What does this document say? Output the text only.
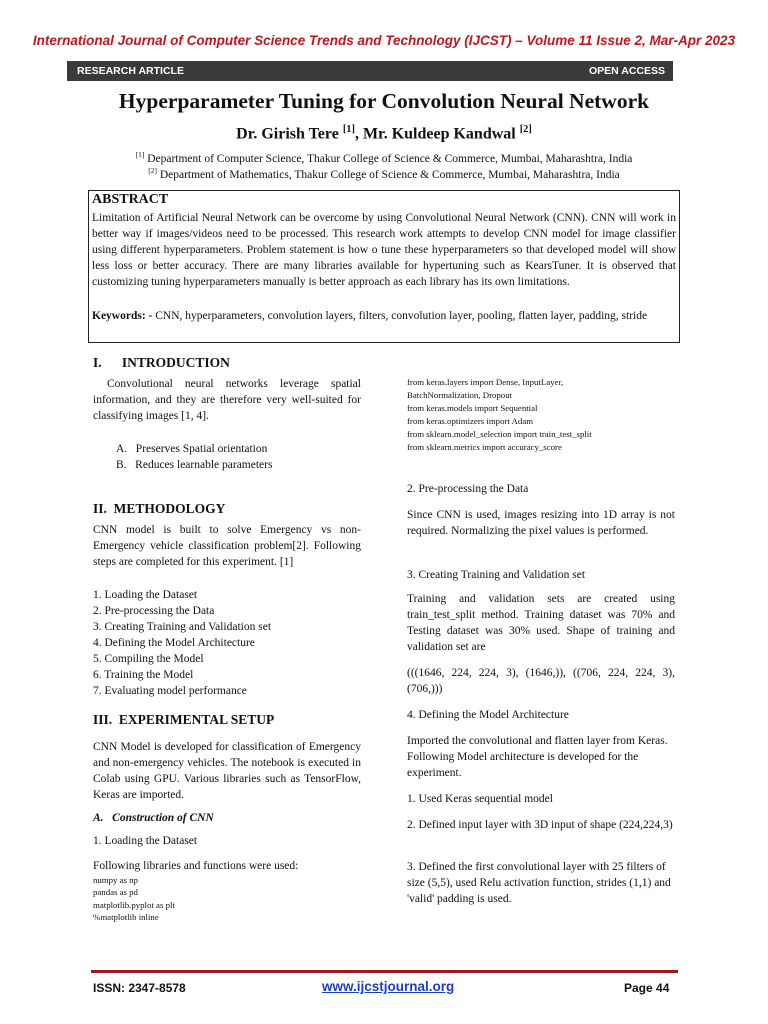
International Journal of Computer Science Trends and Technology (IJCST) – Volume 11 Issue 2, Mar-Apr 2023
RESEARCH ARTICLE	OPEN ACCESS
Hyperparameter Tuning for Convolution Neural Network
Dr. Girish Tere [1], Mr. Kuldeep Kandwal [2]
[1] Department of Computer Science, Thakur College of Science & Commerce, Mumbai, Maharashtra, India
[2] Department of Mathematics, Thakur College of Science & Commerce, Mumbai, Maharashtra, India
ABSTRACT
Limitation of Artificial Neural Network can be overcome by using Convolutional Neural Network (CNN). CNN will work in better way if images/videos need to be processed. This research work attempts to develop CNN model for image classifier using different hyperparameters. Problem statement is how o tune these hyperparameters so that developed model will show less loss or better accuracy. There are many libraries available for hypertuning such as KearsTuner. It is observed that customizing tuning hyperparameters manually is better approach as each library has its own limitations.
Keywords: - CNN, hyperparameters, convolution layers, filters, convolution layer, pooling, flatten layer, padding, stride
I.      INTRODUCTION
Convolutional neural networks leverage spatial information, and they are therefore very well-suited for classifying images [1, 4].
A.   Preserves Spatial orientation
B.   Reduces learnable parameters
II.  METHODOLOGY
CNN model is built to solve Emergency vs non-Emergency vehicle classification problem[2]. Following steps are completed for this experiment. [1]
1. Loading the Dataset
2. Pre-processing the Data
3. Creating Training and Validation set
4. Defining the Model Architecture
5. Compiling the Model
6. Training the Model
7. Evaluating model performance
III.  EXPERIMENTAL SETUP
CNN Model is developed for classification of Emergency and non-emergency vehicles. The notebook is executed in Colab using GPU. Various libraries such as TensorFlow, Keras are imported.
A.   Construction of CNN
1. Loading the Dataset
Following libraries and functions were used:
numpy as np
pandas as pd
matplotlib.pyplot as plt
%matplotlib inline
from keras.layers import Dense, InputLayer,
BatchNormalization, Dropout
from keras.models import Sequential
from keras.optimizers import Adam
from sklearn.model_selection import train_test_split
from sklearn.metrics import accuracy_score
2. Pre-processing the Data
Since CNN is used, images resizing into 1D array is not required. Normalizing the pixel values is performed.
3. Creating Training and Validation set
Training and validation sets are created using train_test_split method. Training dataset was 70% and Testing dataset was 30% used. Shape of training and validation set are
(((1646, 224, 224, 3), (1646,)), ((706, 224, 224, 3), (706,)))
4. Defining the Model Architecture
Imported the convolutional and flatten layer from Keras. Following Model architecture is developed for the experiment.
1. Used Keras sequential model
2. Defined input layer with 3D input of shape (224,224,3)
3. Defined the first convolutional layer with 25 filters of size (5,5), used Relu activation function, strides (1,1) and 'valid' padding is used.
ISSN: 2347-8578	www.ijcstjournal.org	Page 44
